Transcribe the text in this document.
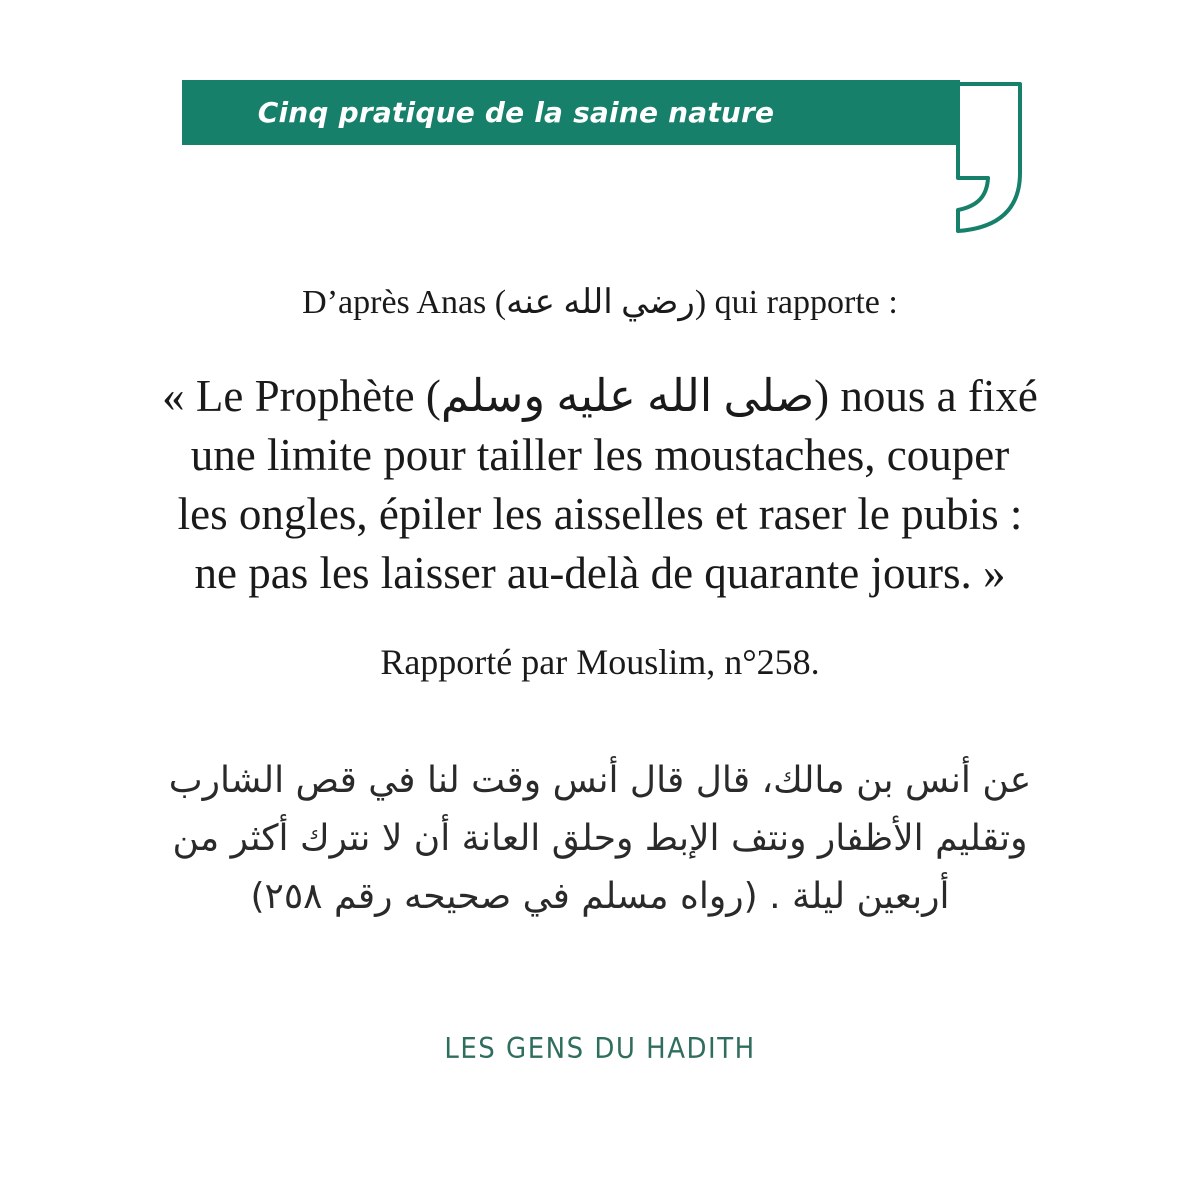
Cinq pratique de la saine nature
D’après Anas (رضي الله عنه) qui rapporte :
« Le Prophète (صلى الله عليه وسلم) nous a fixé
une limite pour tailler les moustaches, couper
les ongles, épiler les aisselles et raser le pubis :
ne pas les laisser au-delà de quarante jours. »
Rapporté par Mouslim, n°258.
عن أنس بن مالك، قال قال أنس وقت لنا في قص الشارب
وتقليم الأظفار ونتف الإبط وحلق العانة أن لا نترك أكثر من
أربعين ليلة . (رواه مسلم في صحيحه رقم ٢٥٨)
LES GENS DU HADITH
